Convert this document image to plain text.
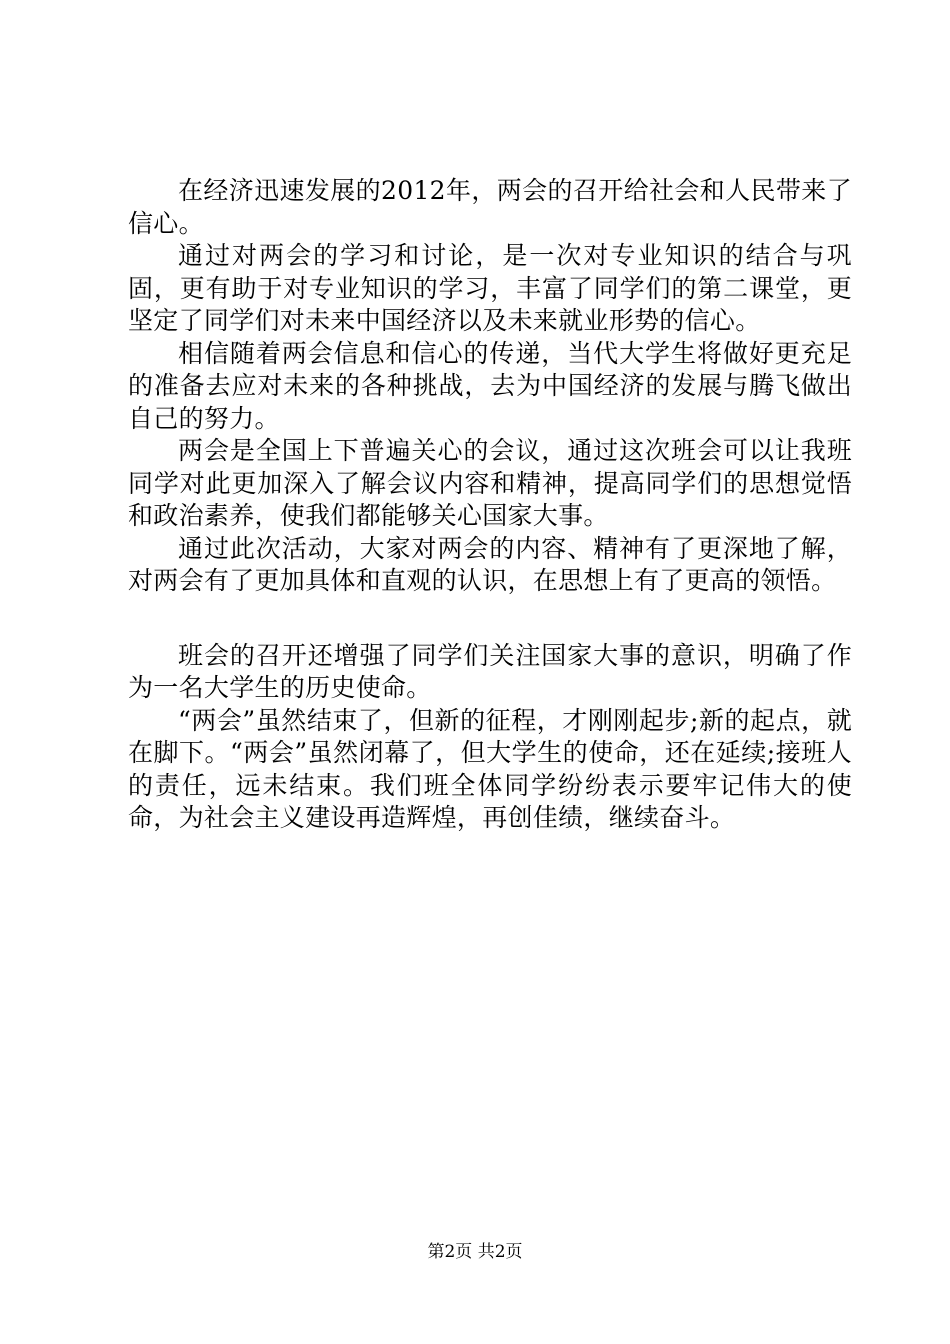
在经济迅速发展的2012年，两会的召开给社会和人民带来了信心。

通过对两会的学习和讨论，是一次对专业知识的结合与巩固，更有助于对专业知识的学习，丰富了同学们的第二课堂，更坚定了同学们对未来中国经济以及未来就业形势的信心。

相信随着两会信息和信心的传递，当代大学生将做好更充足的准备去应对未来的各种挑战，去为中国经济的发展与腾飞做出自己的努力。

两会是全国上下普遍关心的会议，通过这次班会可以让我班同学对此更加深入了解会议内容和精神，提高同学们的思想觉悟和政治素养，使我们都能够关心国家大事。

通过此次活动，大家对两会的内容、精神有了更深地了解，对两会有了更加具体和直观的认识，在思想上有了更高的领悟。

班会的召开还增强了同学们关注国家大事的意识，明确了作为一名大学生的历史使命。

“两会”虽然结束了，但新的征程，才刚刚起步;新的起点，就在脚下。“两会”虽然闭幕了，但大学生的使命，还在延续;接班人的责任，远未结束。我们班全体同学纷纷表示要牢记伟大的使命，为社会主义建设再造辉煌，再创佳绩，继续奋斗。

第2页 共2页
